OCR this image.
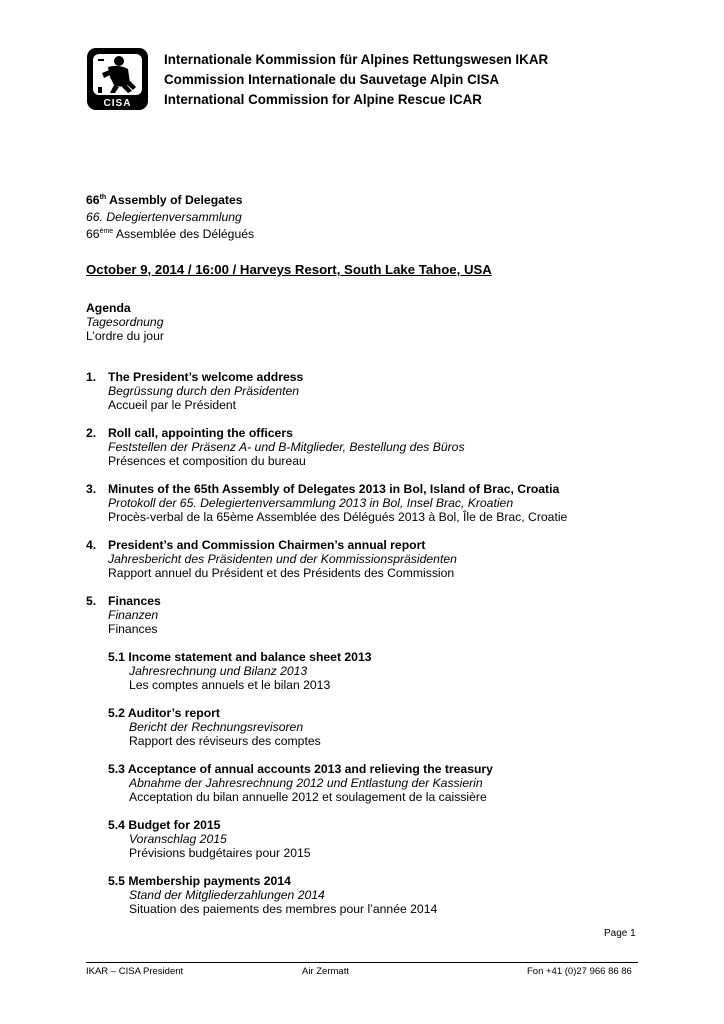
CISA
Internationale Kommission für Alpines Rettungswesen IKAR
Commission Internationale du Sauvetage Alpin CISA
International Commission for Alpine Rescue ICAR
66th Assembly of Delegates
66. Delegiertenversammlung
66ème Assemblée des Délégués
October 9, 2014 / 16:00 / Harveys Resort, South Lake Tahoe, USA
Agenda
Tagesordnung
L’ordre du jour
1. The President’s welcome address
Begrüssung durch den Präsidenten
Accueil par le Président
2. Roll call, appointing the officers
Feststellen der Präsenz A- und B-Mitglieder, Bestellung des Büros
Présences et composition du bureau
3. Minutes of the 65th Assembly of Delegates 2013 in Bol, Island of Brac, Croatia
Protokoll der 65. Delegiertenversammlung 2013 in Bol, Insel Brac, Kroatien
Procès-verbal de la 65ème Assemblée des Délégués 2013 à Bol, Île de Brac, Croatie
4. President’s and Commission Chairmen’s annual report
Jahresbericht des Präsidenten und der Kommissionspräsidenten
Rapport annuel du Président et des Présidents des Commission
5. Finances
Finanzen
Finances
5.1 Income statement and balance sheet 2013
Jahresrechnung und Bilanz 2013
Les comptes annuels et le bilan 2013
5.2 Auditor’s report
Bericht der Rechnungsrevisoren
Rapport des réviseurs des comptes
5.3 Acceptance of annual accounts 2013 and relieving the treasury
Abnahme der Jahresrechnung 2012 und Entlastung der Kassierin
Acceptation du bilan annuelle 2012 et soulagement de la caissière
5.4 Budget for 2015
Voranschlag 2015
Prévisions budgétaires pour 2015
5.5 Membership payments 2014
Stand der Mitgliederzahlungen 2014
Situation des paiements des membres pour l’année 2014
Page 1
IKAR – CISA President	Air Zermatt	Fon +41 (0)27 966 86 86
